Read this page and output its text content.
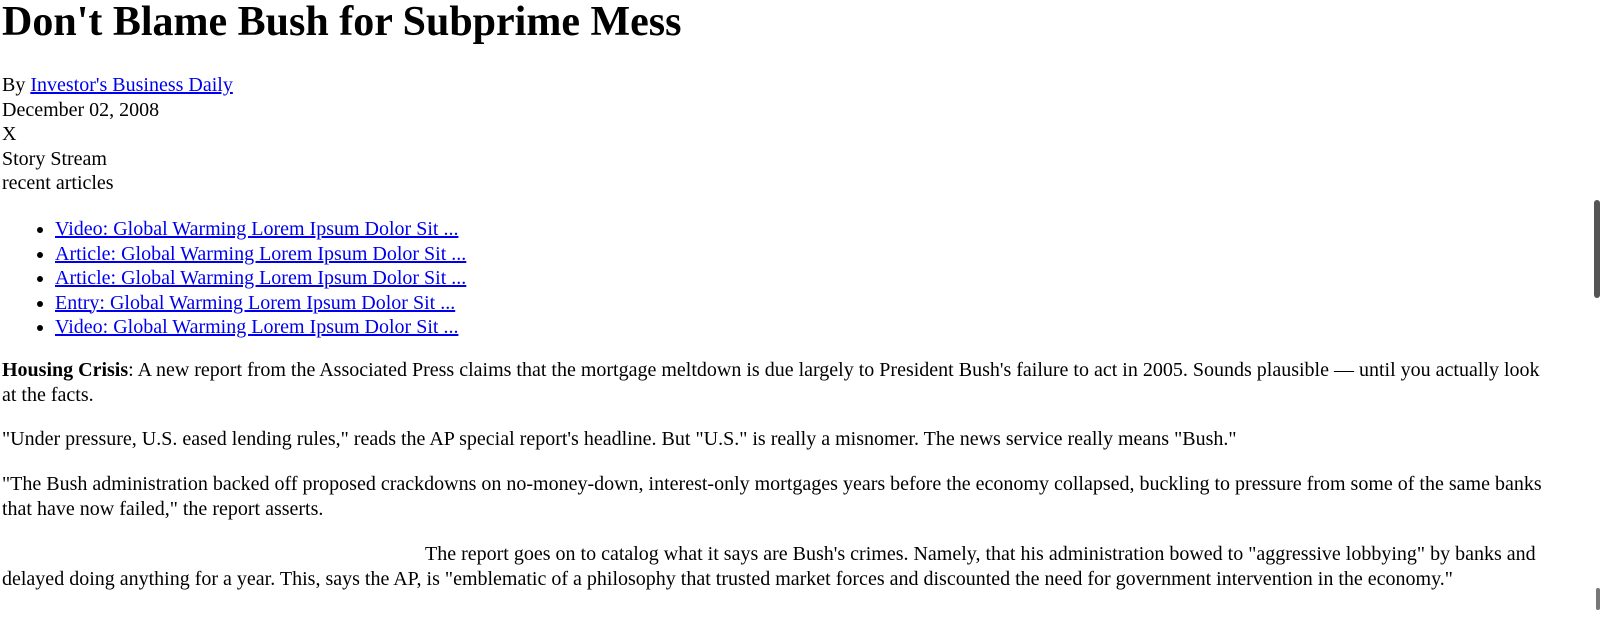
Don't Blame Bush for Subprime Mess
By Investor's Business Daily
December 02, 2008
X
Story Stream
recent articles
• Video: Global Warming Lorem Ipsum Dolor Sit ...
• Article: Global Warming Lorem Ipsum Dolor Sit ...
• Article: Global Warming Lorem Ipsum Dolor Sit ...
• Entry: Global Warming Lorem Ipsum Dolor Sit ...
• Video: Global Warming Lorem Ipsum Dolor Sit ...

Housing Crisis: A new report from the Associated Press claims that the mortgage meltdown is due largely to President Bush's failure to act in 2005. Sounds plausible — until you actually look at the facts.

"Under pressure, U.S. eased lending rules," reads the AP special report's headline. But "U.S." is really a misnomer. The news service really means "Bush."

"The Bush administration backed off proposed crackdowns on no-money-down, interest-only mortgages years before the economy collapsed, buckling to pressure from some of the same banks that have now failed," the report asserts.

The report goes on to catalog what it says are Bush's crimes. Namely, that his administration bowed to "aggressive lobbying" by banks and delayed doing anything for a year. This, says the AP, is "emblematic of a philosophy that trusted market forces and discounted the need for government intervention in the economy."
